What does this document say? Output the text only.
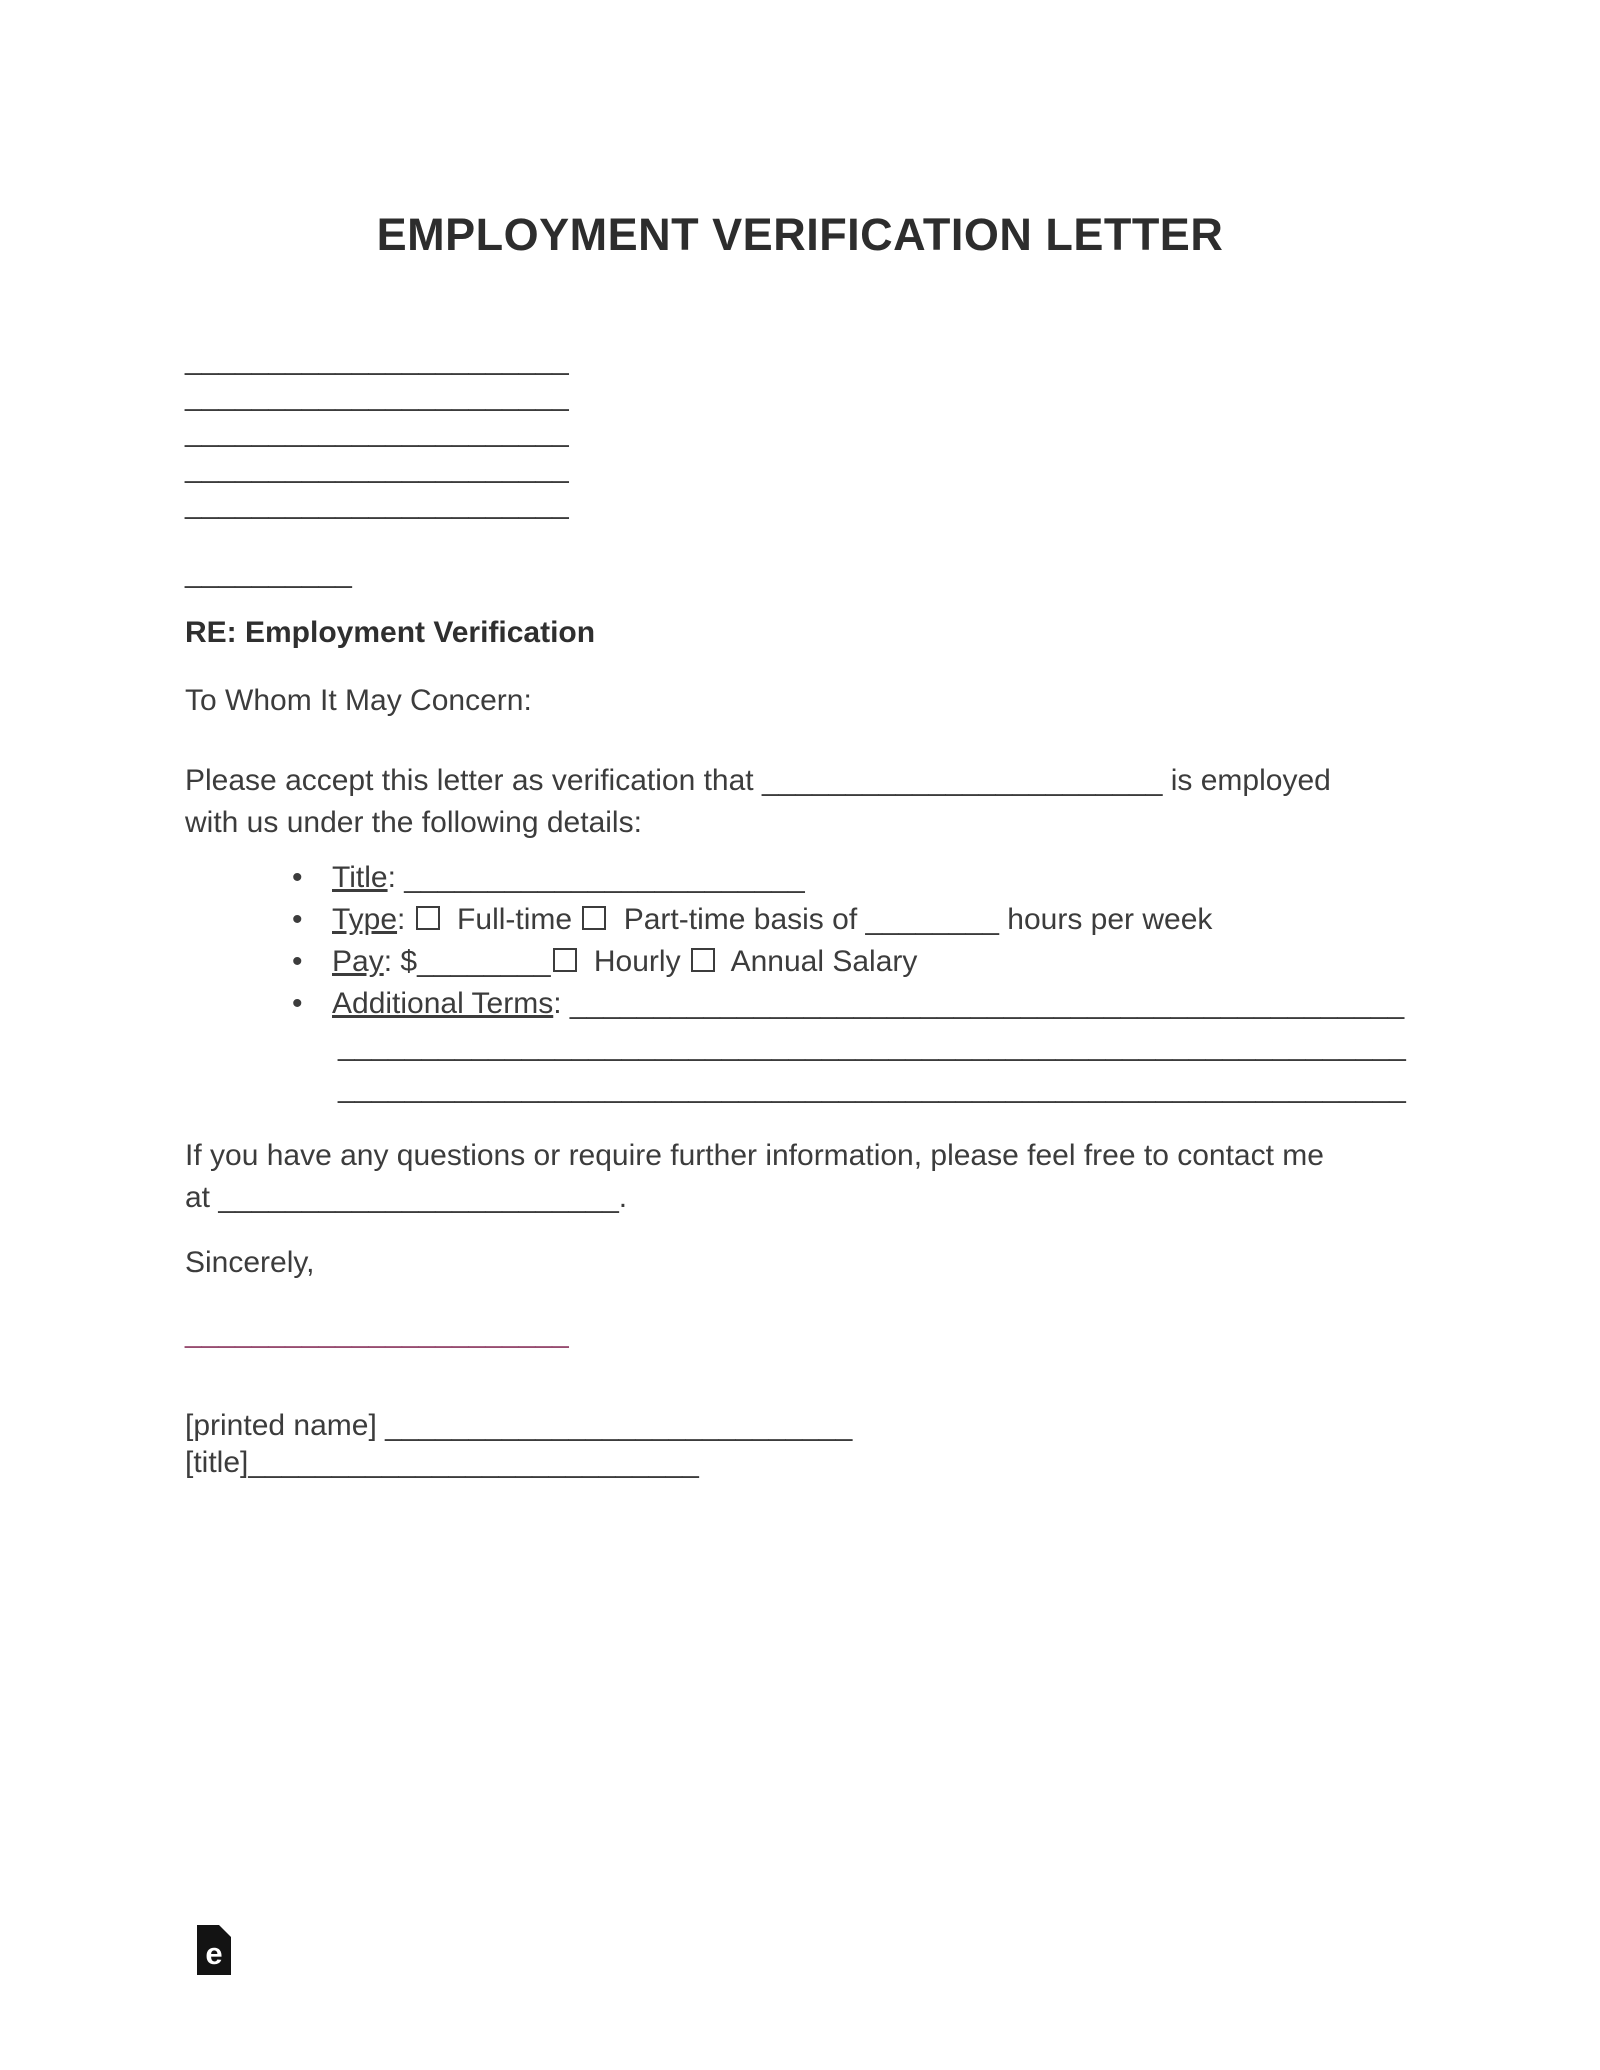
EMPLOYMENT VERIFICATION LETTER
_______________________
_______________________
_______________________
_______________________
_______________________
__________
RE: Employment Verification
To Whom It May Concern:
Please accept this letter as verification that ________________________ is employed
with us under the following details:
• Title: ________________________
• Type:  Full-time  Part-time basis of ________ hours per week
• Pay: $________ Hourly  Annual Salary
• Additional Terms: __________________________________________________
________________________________________________________________
________________________________________________________________
If you have any questions or require further information, please feel free to contact me
at ________________________.
Sincerely,
_______________________
[printed name] ____________________________
[title]___________________________
e
